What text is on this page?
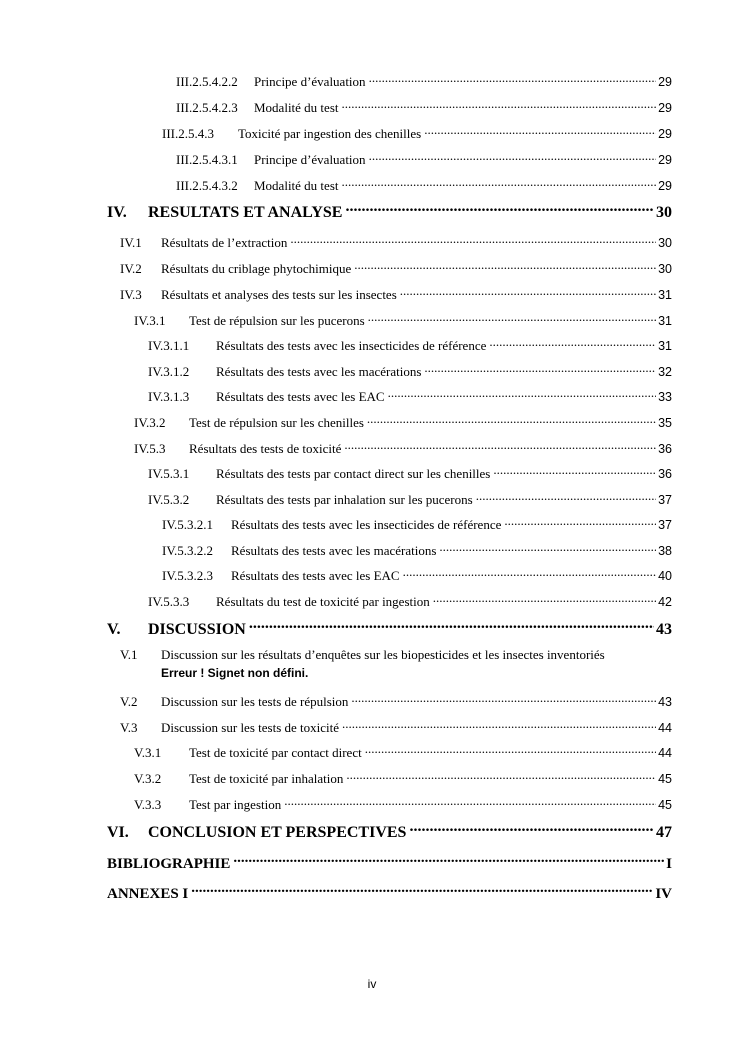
III.2.5.4.2.2	Principe d’évaluation .....	29
III.2.5.4.2.3	Modalité du test .....	29
III.2.5.4.3	Toxicité par ingestion des chenilles .....	29
III.2.5.4.3.1	Principe d’évaluation .....	29
III.2.5.4.3.2	Modalité du test .....	29
IV.	RESULTATS ET ANALYSE .....	30
IV.1	Résultats de l’extraction .....	30
IV.2	Résultats du criblage phytochimique .....	30
IV.3	Résultats et analyses des tests sur les insectes .....	31
IV.3.1	Test de répulsion sur les pucerons .....	31
IV.3.1.1	Résultats des tests avec les insecticides de référence .....	31
IV.3.1.2	Résultats des tests avec les macérations .....	32
IV.3.1.3	Résultats des tests avec les EAC .....	33
IV.3.2	Test de répulsion sur les chenilles .....	35
IV.5.3	Résultats des tests de toxicité .....	36
IV.5.3.1	Résultats des tests par contact direct sur les chenilles .....	36
IV.5.3.2	Résultats des tests par inhalation sur les pucerons .....	37
IV.5.3.2.1	Résultats des tests avec les insecticides de référence .....	37
IV.5.3.2.2	Résultats des tests avec les macérations .....	38
IV.5.3.2.3	Résultats des tests avec les EAC .....	40
IV.5.3.3	Résultats du test de toxicité par ingestion .....	42
V.	DISCUSSION .....	43
V.1 Discussion sur les résultats d’enquêtes sur les biopesticides et les insectes inventoriés
Erreur ! Signet non défini.
V.2	Discussion sur les tests de répulsion .....	43
V.3	Discussion sur les tests de toxicité .....	44
V.3.1	Test de toxicité par contact direct .....	44
V.3.2	Test de toxicité par inhalation .....	45
V.3.3	Test par ingestion .....	45
VI.	CONCLUSION ET PERSPECTIVES .....	47
BIBLIOGRAPHIE .....	I
ANNEXES I .....	IV
iv
